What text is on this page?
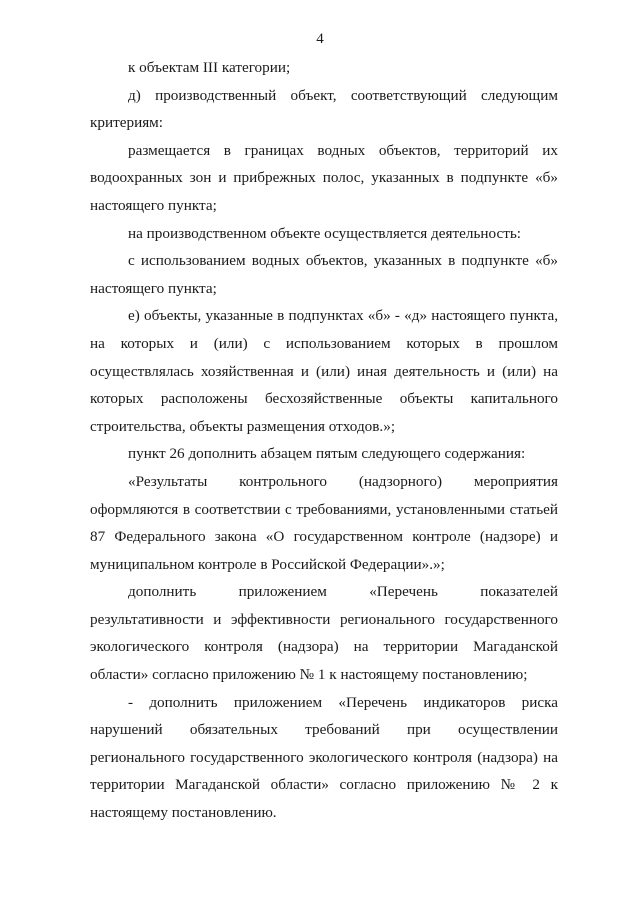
4

к объектам III категории;

д) производственный объект, соответствующий следующим критериям:

размещается в границах водных объектов, территорий их водоохранных зон и прибрежных полос, указанных в подпункте «б» настоящего пункта;

на производственном объекте осуществляется деятельность:

с использованием водных объектов, указанных в подпункте «б» настоящего пункта;

е) объекты, указанные в подпунктах «б» - «д» настоящего пункта, на которых и (или) с использованием которых в прошлом осуществлялась хозяйственная и (или) иная деятельность и (или) на которых расположены бесхозяйственные объекты капитального строительства, объекты размещения отходов.»;

пункт 26 дополнить абзацем пятым следующего содержания:

«Результаты контрольного (надзорного) мероприятия оформляются в соответствии с требованиями, установленными статьей 87 Федерального закона «О государственном контроле (надзоре) и муниципальном контроле в Российской Федерации».»;

дополнить приложением «Перечень показателей результативности и эффективности регионального государственного экологического контроля (надзора) на территории Магаданской области» согласно приложению № 1 к настоящему постановлению;

- дополнить приложением «Перечень индикаторов риска нарушений обязательных требований при осуществлении регионального государственного экологического контроля (надзора) на территории Магаданской области» согласно приложению № 2 к настоящему постановлению.
